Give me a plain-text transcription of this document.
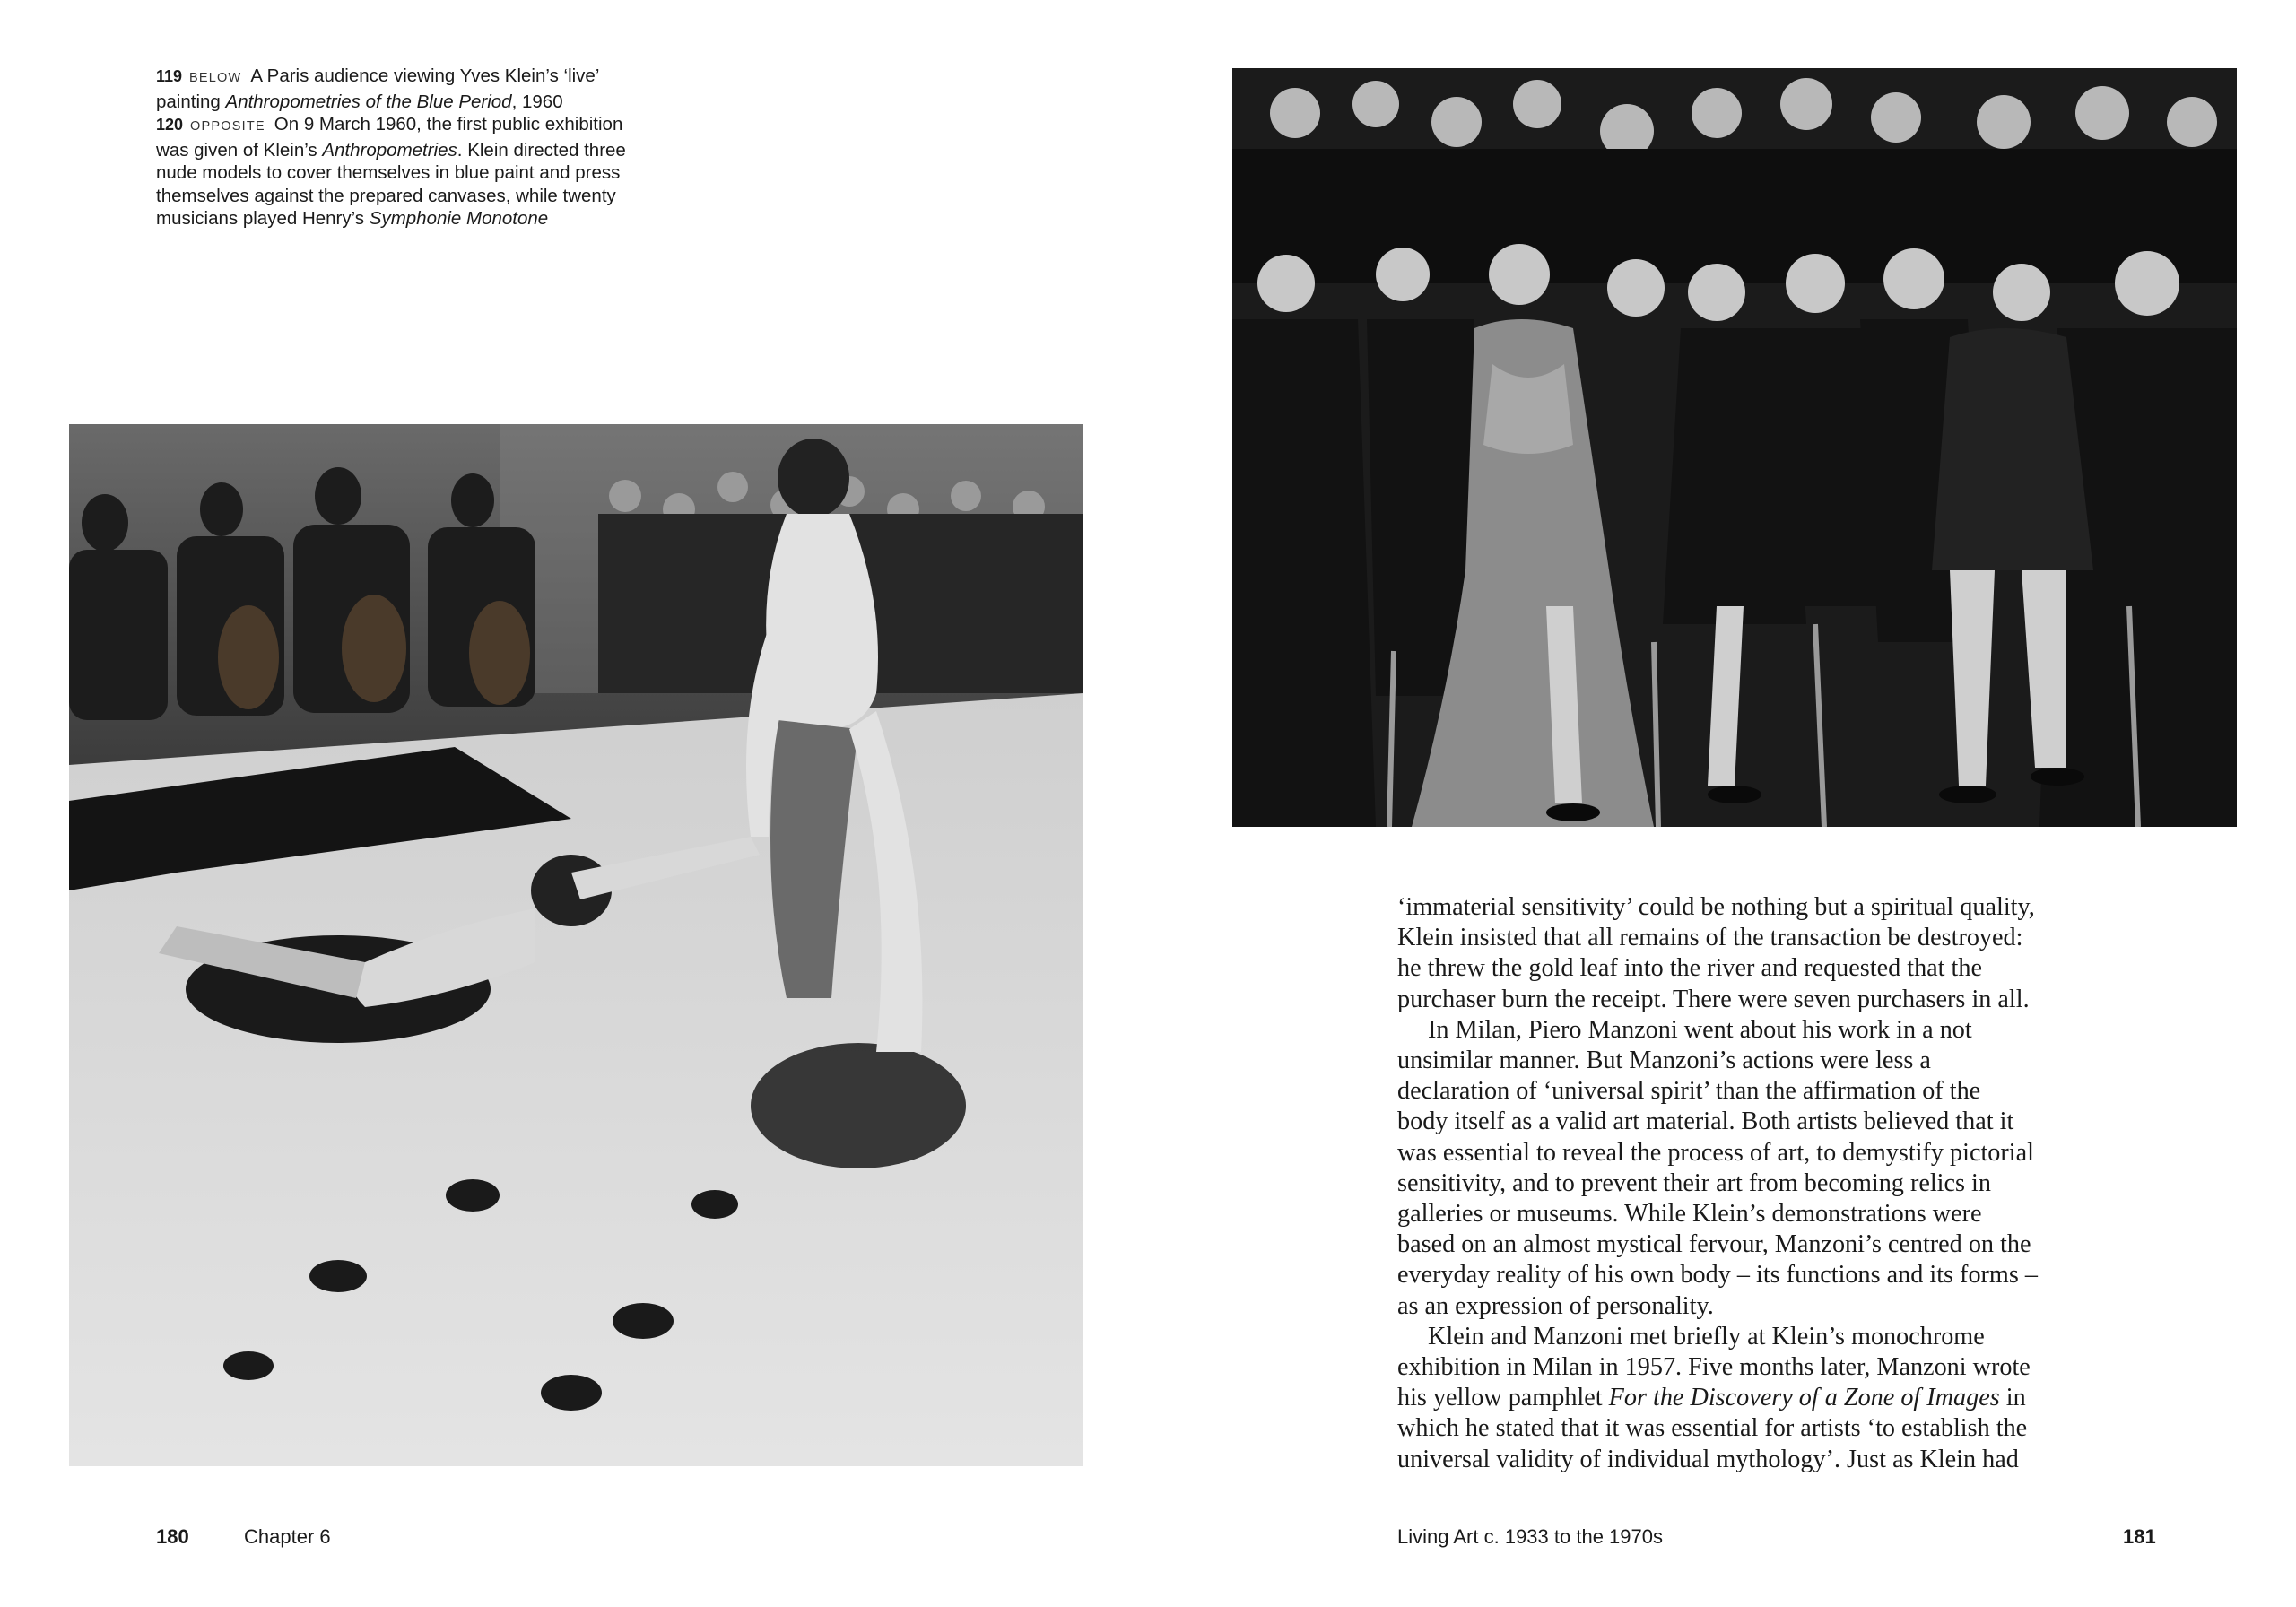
119 BELOW A Paris audience viewing Yves Klein’s ‘live’
painting Anthropometries of the Blue Period, 1960
120 OPPOSITE On 9 March 1960, the first public exhibition
was given of Klein’s Anthropometries. Klein directed three
nude models to cover themselves in blue paint and press
themselves against the prepared canvases, while twenty
musicians played Henry’s Symphonie Monotone
‘immaterial sensitivity’ could be nothing but a spiritual quality,
Klein insisted that all remains of the transaction be destroyed:
he threw the gold leaf into the river and requested that the
purchaser burn the receipt. There were seven purchasers in all.
In Milan, Piero Manzoni went about his work in a not
unsimilar manner. But Manzoni’s actions were less a
declaration of ‘universal spirit’ than the affirmation of the
body itself as a valid art material. Both artists believed that it
was essential to reveal the process of art, to demystify pictorial
sensitivity, and to prevent their art from becoming relics in
galleries or museums. While Klein’s demonstrations were
based on an almost mystical fervour, Manzoni’s centred on the
everyday reality of his own body – its functions and its forms –
as an expression of personality.
Klein and Manzoni met briefly at Klein’s monochrome
exhibition in Milan in 1957. Five months later, Manzoni wrote
his yellow pamphlet For the Discovery of a Zone of Images in
which he stated that it was essential for artists ‘to establish the
universal validity of individual mythology’. Just as Klein had
180	Chapter 6	Living Art c. 1933 to the 1970s	181
